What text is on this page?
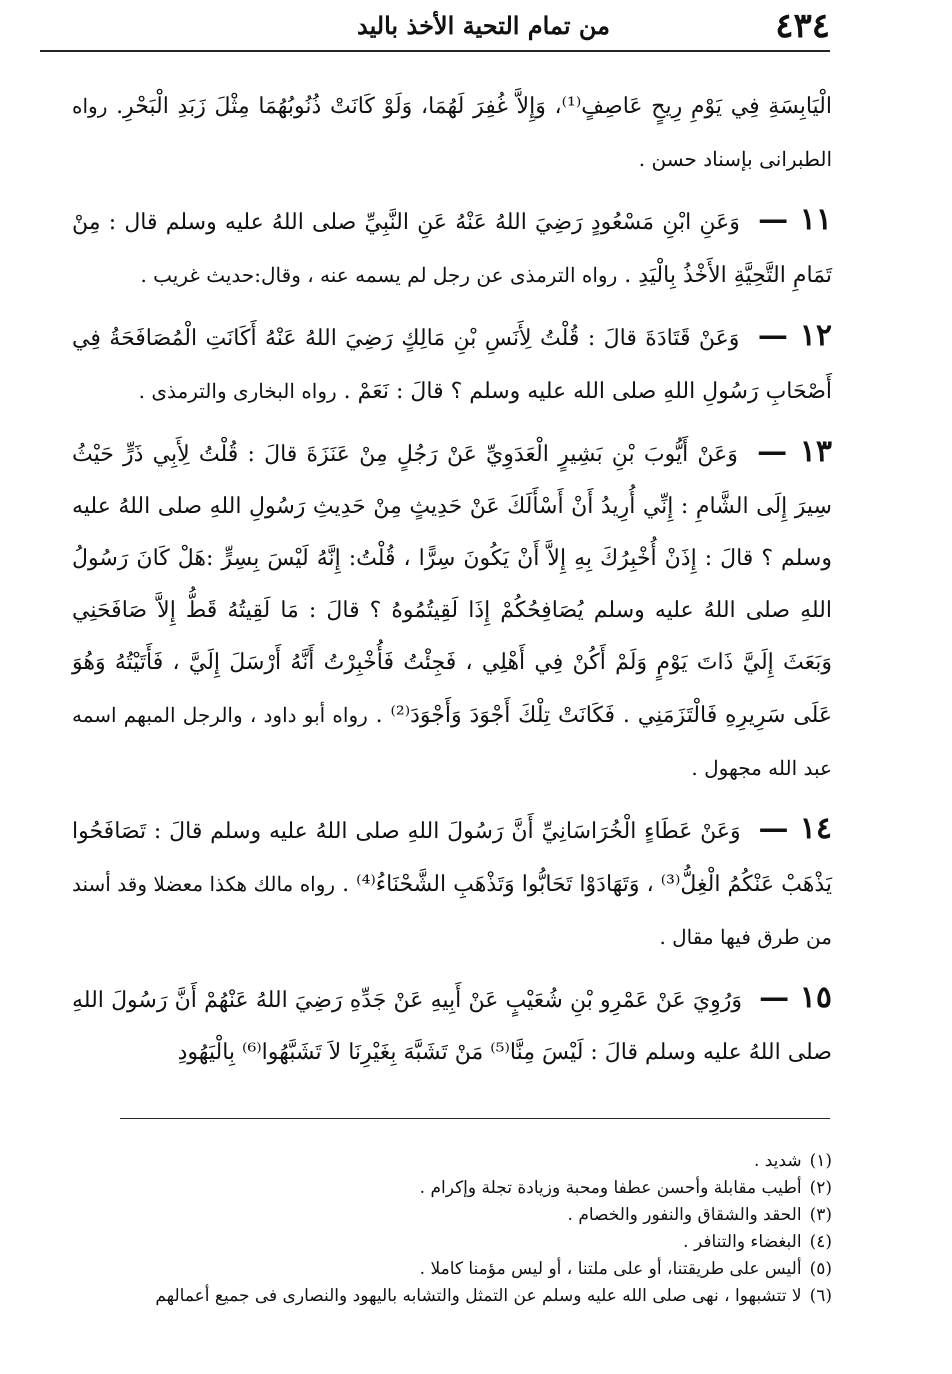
٤٣٤
من تمام التحية الأخذ باليد

الْيَابِسَةِ فِي يَوْمِ رِيحٍ عَاصِفٍ⁽¹⁾، وَإِلاَّ غُفِرَ لَهُمَا، وَلَوْ كَانَتْ ذُنُوبُهُمَا مِثْلَ زَبَدِ الْبَحْرِ. رواه الطبرانى بإسناد حسن .

١١ — وَعَنِ ابْنِ مَسْعُودٍ رَضِيَ اللهُ عَنْهُ عَنِ النَّبِيِّ صلى اللهُ عليه وسلم قال : مِنْ تَمَامِ التَّحِيَّةِ الأَخْذُ بِالْيَدِ . رواه الترمذى عن رجل لم يسمه عنه ، وقال:حديث غريب .

١٢ — وَعَنْ قَتَادَةَ قالَ : قُلْتُ لِأَنَسِ بْنِ مَالِكٍ رَضِيَ اللهُ عَنْهُ أَكَانَتِ الْمُصَافَحَةُ فِي أَصْحَابِ رَسُولِ اللهِ صلى الله عليه وسلم ؟ قالَ : نَعَمْ . رواه البخارى والترمذى .

١٣ — وَعَنْ أَيُّوبَ بْنِ بَشِيرٍ الْعَدَوِيِّ عَنْ رَجُلٍ مِنْ عَنَزَةَ قالَ : قُلْتُ لِأَبِي ذَرٍّ حَيْثُ سِيرَ إِلَى الشَّامِ : إِنِّي أُرِيدُ أَنْ أَسْأَلَكَ عَنْ حَدِيثٍ مِنْ حَدِيثِ رَسُولِ اللهِ صلى اللهُ عليه وسلم ؟ قالَ : إِذَنْ أُخْبِرُكَ بِهِ إِلاَّ أَنْ يَكُونَ سِرًّا ، قُلْتُ: إِنَّهُ لَيْسَ بِسِرٍّ :هَلْ كَانَ رَسُولُ اللهِ صلى اللهُ عليه وسلم يُصَافِحُكُمْ إِذَا لَقِيتُمُوهُ ؟ قالَ : مَا لَقِيتُهُ قَطُّ إِلاَّ صَافَحَنِي وَبَعَثَ إِلَيَّ ذَاتَ يَوْمٍ وَلَمْ أَكُنْ فِي أَهْلِي ، فَجِئْتُ فَأُخْبِرْتُ أَنَّهُ أَرْسَلَ إِلَيَّ ، فَأَتَيْتُهُ وَهُوَ عَلَى سَرِيرِهِ فَالْتَزَمَنِي . فَكَانَتْ تِلْكَ أَجْوَدَ وَأَجْوَدَ⁽²⁾ . رواه أبو داود ، والرجل المبهم اسمه عبد الله مجهول .

١٤ — وَعَنْ عَطَاءٍ الْخُرَاسَانِيِّ أَنَّ رَسُولَ اللهِ صلى اللهُ عليه وسلم قالَ : تَصَافَحُوا يَذْهَبْ عَنْكُمُ الْغِلُّ⁽³⁾ ، وَتَهَادَوْا تَحَابُّوا وَتَذْهَبِ الشَّحْنَاءُ⁽⁴⁾ . رواه مالك هكذا معضلا وقد أسند من طرق فيها مقال .

١٥ — وَرُوِيَ عَنْ عَمْرِو بْنِ شُعَيْبٍ عَنْ أَبِيهِ عَنْ جَدِّهِ رَضِيَ اللهُ عَنْهُمْ أَنَّ رَسُولَ اللهِ صلى اللهُ عليه وسلم قالَ : لَيْسَ مِنَّا⁽⁵⁾ مَنْ تَشَبَّهَ بِغَيْرِنَا لاَ تَشَبَّهُوا⁽⁶⁾ بِالْيَهُودِ

(١)شديد .
(٢)أطيب مقابلة وأحسن عطفا ومحبة وزيادة تجلة وإكرام .
(٣)الحقد والشقاق والنفور والخصام .
(٤)البغضاء والتنافر .
(٥)أليس على طريقتنا، أو على ملتنا ، أو ليس مؤمنا كاملا .
(٦)لا تتشبهوا ، نهى صلى الله عليه وسلم عن التمثل والتشابه باليهود والنصارى فى جميع أعمالهم
